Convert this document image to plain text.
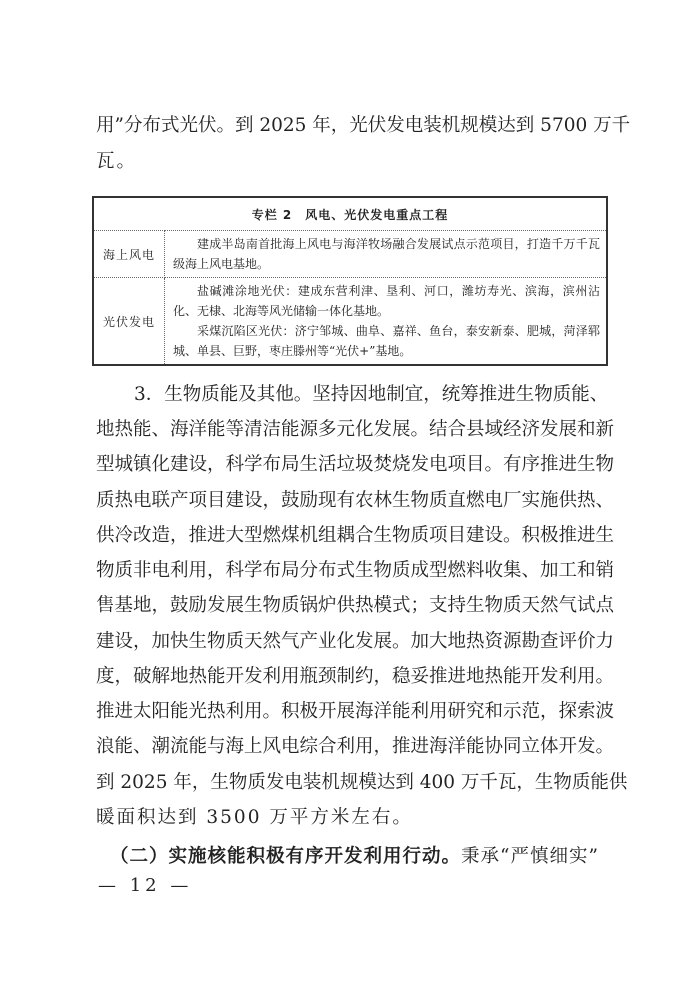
用”分布式光伏。到 2025 年，光伏发电装机规模达到 5700 万千
瓦。
专栏 2　风电、光伏发电重点工程	
海上风电	建成半岛南首批海上风电与海洋牧场融合发展试点示范项目，打造千万千瓦级海上风电基地。

光伏发电	盐碱滩涂地光伏：建成东营利津、垦利、河口，潍坊寿光、滨海，滨州沾化、无棣、北海等风光储输一体化基地。

采煤沉陷区光伏：济宁邹城、曲阜、嘉祥、鱼台，泰安新泰、肥城，菏泽郓城、单县、巨野，枣庄滕州等“光伏+”基地。

3．生物质能及其他。坚持因地制宜，统筹推进生物质能、
地热能、海洋能等清洁能源多元化发展。结合县域经济发展和新
型城镇化建设，科学布局生活垃圾焚烧发电项目。有序推进生物
质热电联产项目建设，鼓励现有农林生物质直燃电厂实施供热、
供冷改造，推进大型燃煤机组耦合生物质项目建设。积极推进生
物质非电利用，科学布局分布式生物质成型燃料收集、加工和销
售基地，鼓励发展生物质锅炉供热模式；支持生物质天然气试点
建设，加快生物质天然气产业化发展。加大地热资源勘查评价力
度，破解地热能开发利用瓶颈制约，稳妥推进地热能开发利用。
推进太阳能光热利用。积极开展海洋能利用研究和示范，探索波
浪能、潮流能与海上风电综合利用，推进海洋能协同立体开发。
到 2025 年，生物质发电装机规模达到 400 万千瓦，生物质能供
暖面积达到 3500 万平方米左右。
（二）实施核能积极有序开发利用行动。秉承“严慎细实”
— 12 —
